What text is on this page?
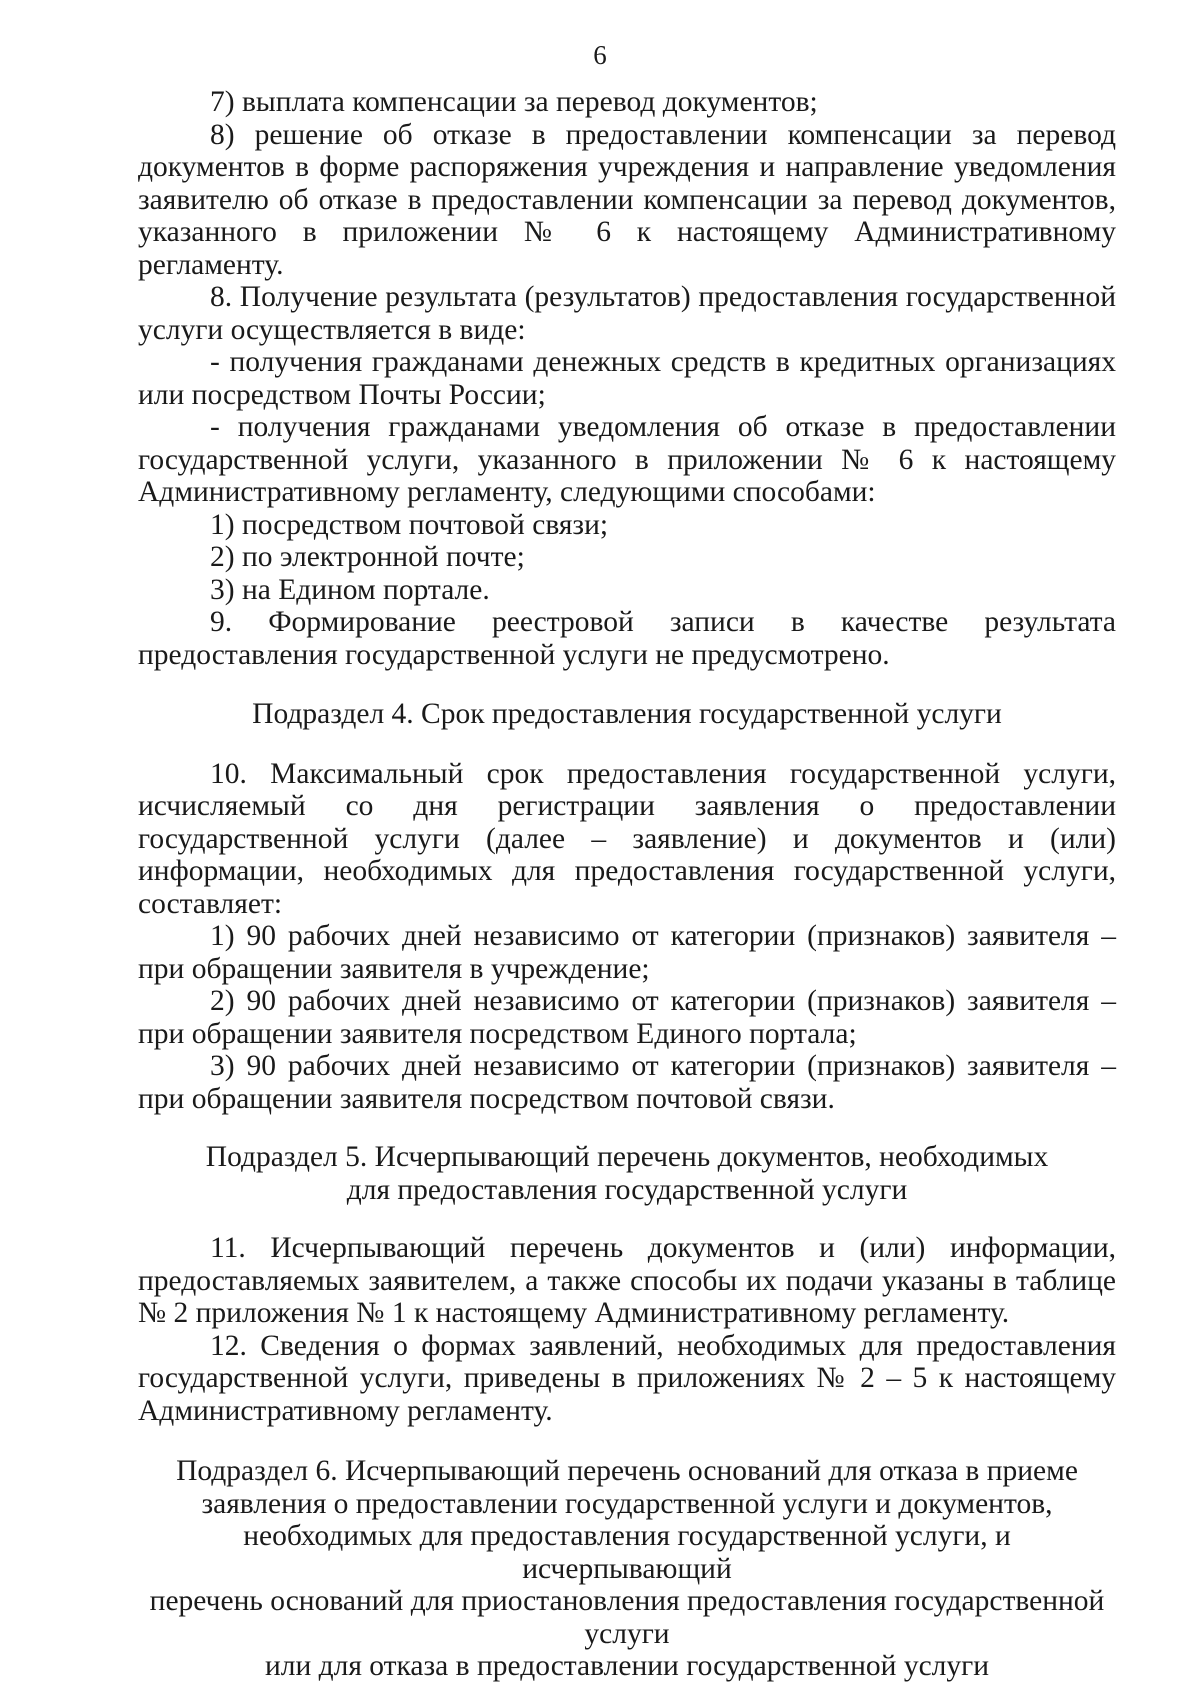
6

7) выплата компенсации за перевод документов;

8) решение об отказе в предоставлении компенсации за перевод документов в форме распоряжения учреждения и направление уведомления заявителю об отказе в предоставлении компенсации за перевод документов, указанного в приложении № 6 к настоящему Административному регламенту.

8. Получение результата (результатов) предоставления государственной услуги осуществляется в виде:

- получения гражданами денежных средств в кредитных организациях или посредством Почты России;

- получения гражданами уведомления об отказе в предоставлении государственной услуги, указанного в приложении № 6 к настоящему Административному регламенту, следующими способами:

1) посредством почтовой связи;

2) по электронной почте;

3) на Едином портале.

9. Формирование реестровой записи в качестве результата предоставления государственной услуги не предусмотрено.

Подраздел 4. Срок предоставления государственной услуги

10. Максимальный срок предоставления государственной услуги, исчисляемый со дня регистрации заявления о предоставлении государственной услуги (далее – заявление) и документов и (или) информации, необходимых для предоставления государственной услуги, составляет:

1) 90 рабочих дней независимо от категории (признаков) заявителя – при обращении заявителя в учреждение;

2) 90 рабочих дней независимо от категории (признаков) заявителя – при обращении заявителя посредством Единого портала;

3) 90 рабочих дней независимо от категории (признаков) заявителя – при обращении заявителя посредством почтовой связи.

Подраздел 5. Исчерпывающий перечень документов, необходимых
для предоставления государственной услуги

11. Исчерпывающий перечень документов и (или) информации, предоставляемых заявителем, а также способы их подачи указаны в таблице № 2 приложения № 1 к настоящему Административному регламенту.

12. Сведения о формах заявлений, необходимых для предоставления государственной услуги, приведены в приложениях № 2 – 5 к настоящему Административному регламенту.

Подраздел 6. Исчерпывающий перечень оснований для отказа в приеме
заявления о предоставлении государственной услуги и документов,
необходимых для предоставления государственной услуги, и исчерпывающий
перечень оснований для приостановления предоставления государственной
услуги
или для отказа в предоставлении государственной услуги
